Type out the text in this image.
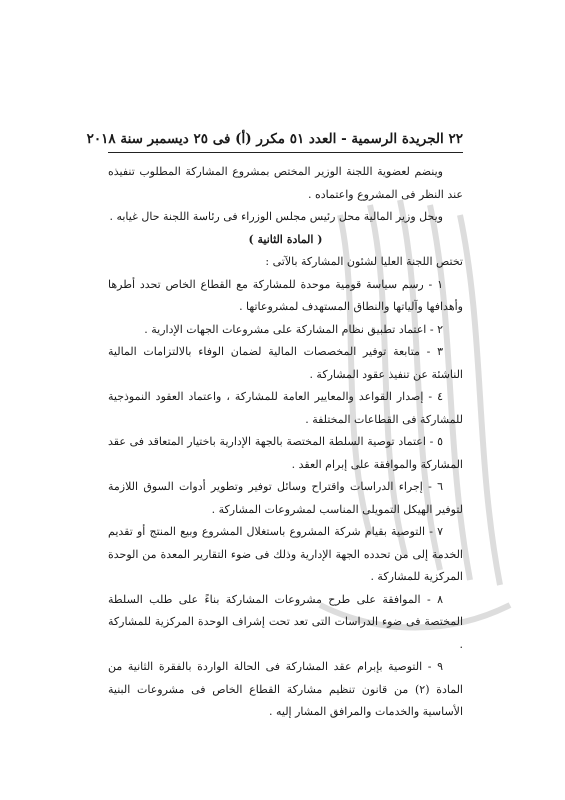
٢٢ الجريدة الرسمية - العدد ٥١ مكرر (أ) فى ٢٥ ديسمبر سنة ٢٠١٨

وينضم لعضوية اللجنة الوزير المختص بمشروع المشاركة المطلوب تنفيذه عند النظر فى المشروع واعتماده .

ويحل وزير المالية محل رئيس مجلس الوزراء فى رئاسة اللجنة حال غيابه .

( المادة الثانية )

تختص اللجنة العليا لشئون المشاركة بالآتى :

١ - رسم سياسة قومية موحدة للمشاركة مع القطاع الخاص تحدد أطرها وأهدافها وآلياتها والنطاق المستهدف لمشروعاتها .

٢ - اعتماد تطبيق نظام المشاركة على مشروعات الجهات الإدارية .

٣ - متابعة توفير المخصصات المالية لضمان الوفاء بالالتزامات المالية الناشئة عن تنفيذ عقود المشاركة .

٤ - إصدار القواعد والمعايير العامة للمشاركة ، واعتماد العقود النموذجية للمشاركة فى القطاعات المختلفة .

٥ - اعتماد توصية السلطة المختصة بالجهة الإدارية باختيار المتعاقد فى عقد المشاركة والموافقة على إبرام العقد .

٦ - إجراء الدراسات واقتراح وسائل توفير وتطوير أدوات السوق اللازمة لتوفير الهيكل التمويلى المناسب لمشروعات المشاركة .

٧ - التوصية بقيام شركة المشروع باستغلال المشروع وبيع المنتج أو تقديم الخدمة إلى من تحدده الجهة الإدارية وذلك فى ضوء التقارير المعدة من الوحدة المركزية للمشاركة .

٨ - الموافقة على طرح مشروعات المشاركة بناءً على طلب السلطة المختصة فى ضوء الدراسات التى تعد تحت إشراف الوحدة المركزية للمشاركة .

٩ - التوصية بإبرام عقد المشاركة فى الحالة الواردة بالفقرة الثانية من المادة (٢) من قانون تنظيم مشاركة القطاع الخاص فى مشروعات البنية الأساسية والخدمات والمرافق المشار إليه .
